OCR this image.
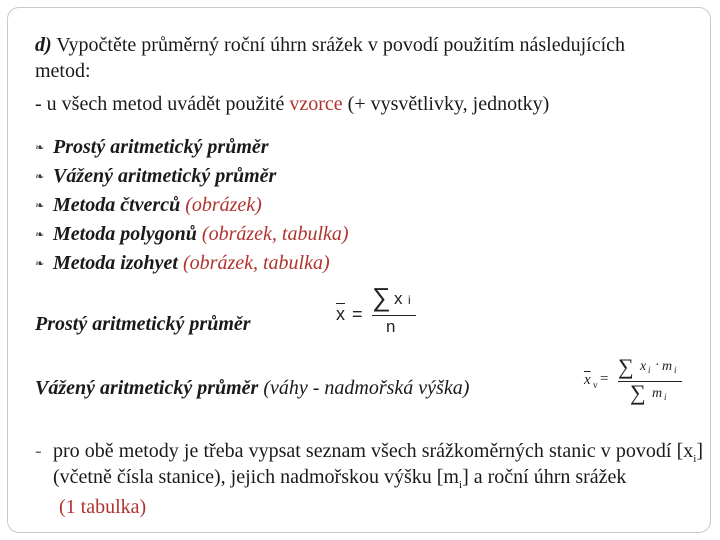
d) Vypočtěte průměrný roční úhrn srážek v povodí použitím následujících
metod:
- u všech metod uvádět použité vzorce (+ vysvětlivky, jednotky)
❧ Prostý aritmetický průměr
❧ Vážený aritmetický průměr
❧ Metoda čtverců (obrázek)
❧ Metoda polygonů (obrázek, tabulka)
❧ Metoda izohyet (obrázek, tabulka)
Prostý aritmetický průměr	$\overline{x}$ =
∑ x i
n
Vážený aritmetický průměr (váhy - nadmořská výška)	$\overline{x}$ v = ∑ x i · m i
∑ m i
- pro obě metody je třeba vypsat seznam všech srážkoměrných stanic v povodí $[x_i]$ (včetně čísla stanice), jejich nadmořskou výšku $[m_i]$ a roční úhrn srážek
(1 tabulka)
